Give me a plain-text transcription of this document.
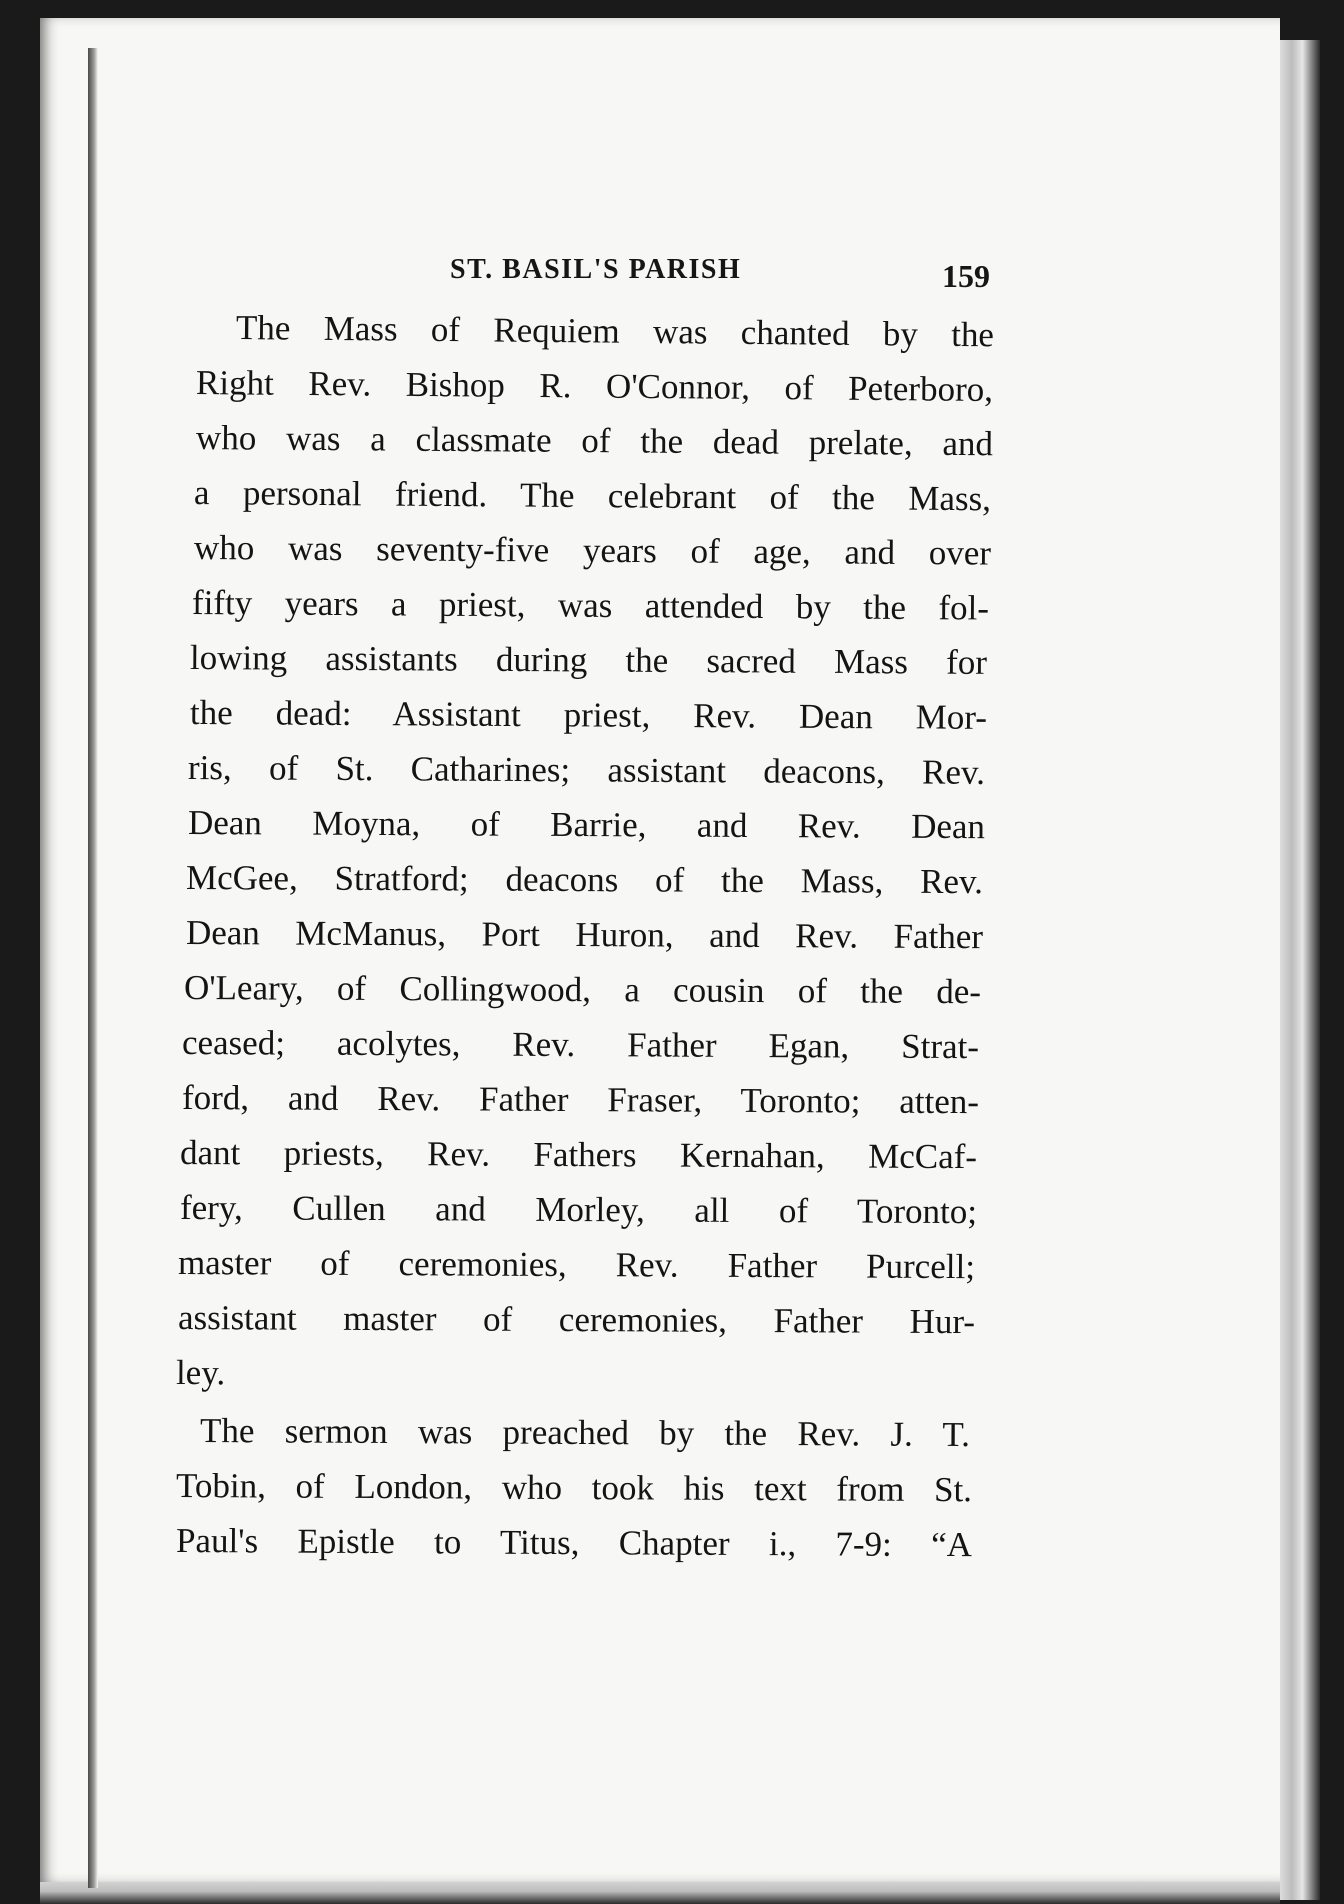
ST. BASIL'S PARISH	159
The Mass of Requiem was chanted by the
Right Rev. Bishop R. O'Connor, of Peterboro,
who was a classmate of the dead prelate, and
a personal friend. The celebrant of the Mass,
who was seventy-five years of age, and over
fifty years a priest, was attended by the fol-
lowing assistants during the sacred Mass for
the dead: Assistant priest, Rev. Dean Mor-
ris, of St. Catharines; assistant deacons, Rev.
Dean Moyna, of Barrie, and Rev. Dean
McGee, Stratford; deacons of the Mass, Rev.
Dean McManus, Port Huron, and Rev. Father
O'Leary, of Collingwood, a cousin of the de-
ceased; acolytes, Rev. Father Egan, Strat-
ford, and Rev. Father Fraser, Toronto; atten-
dant priests, Rev. Fathers Kernahan, McCaf-
fery, Cullen and Morley, all of Toronto;
master of ceremonies, Rev. Father Purcell;
assistant master of ceremonies, Father Hur-
ley.
The sermon was preached by the Rev. J. T.
Tobin, of London, who took his text from St.
Paul's Epistle to Titus, Chapter i., 7-9: “A
